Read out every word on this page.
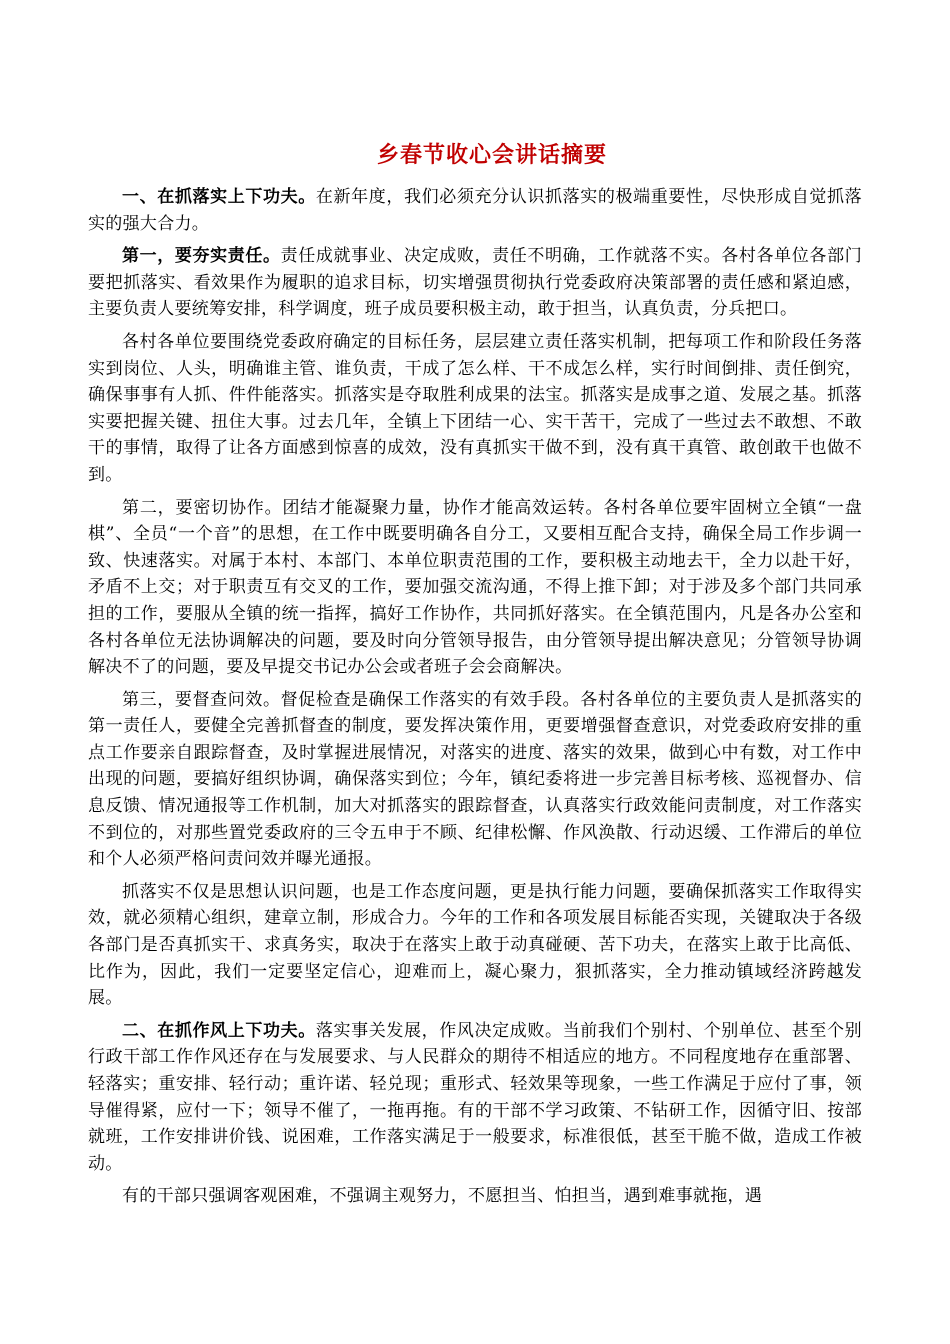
乡春节收心会讲话摘要

一、在抓落实上下功夫。在新年度，我们必须充分认识抓落实的极端重要性，尽快形成自觉抓落实的强大合力。

第一，要夯实责任。责任成就事业、决定成败，责任不明确，工作就落不实。各村各单位各部门要把抓落实、看效果作为履职的追求目标，切实增强贯彻执行党委政府决策部署的责任感和紧迫感，主要负责人要统筹安排，科学调度，班子成员要积极主动，敢于担当，认真负责，分兵把口。

各村各单位要围绕党委政府确定的目标任务，层层建立责任落实机制，把每项工作和阶段任务落实到岗位、人头，明确谁主管、谁负责，干成了怎么样、干不成怎么样，实行时间倒排、责任倒究，确保事事有人抓、件件能落实。抓落实是夺取胜利成果的法宝。抓落实是成事之道、发展之基。抓落实要把握关键、扭住大事。过去几年，全镇上下团结一心、实干苦干，完成了一些过去不敢想、不敢干的事情，取得了让各方面感到惊喜的成效，没有真抓实干做不到，没有真干真管、敢创敢干也做不到。

第二，要密切协作。团结才能凝聚力量，协作才能高效运转。各村各单位要牢固树立全镇“一盘棋”、全员“一个音”的思想，在工作中既要明确各自分工，又要相互配合支持，确保全局工作步调一致、快速落实。对属于本村、本部门、本单位职责范围的工作，要积极主动地去干，全力以赴干好，矛盾不上交；对于职责互有交叉的工作，要加强交流沟通，不得上推下卸；对于涉及多个部门共同承担的工作，要服从全镇的统一指挥，搞好工作协作，共同抓好落实。在全镇范围内，凡是各办公室和各村各单位无法协调解决的问题，要及时向分管领导报告，由分管领导提出解决意见；分管领导协调解决不了的问题，要及早提交书记办公会或者班子会会商解决。

第三，要督查问效。督促检查是确保工作落实的有效手段。各村各单位的主要负责人是抓落实的第一责任人，要健全完善抓督查的制度，要发挥决策作用，更要增强督查意识，对党委政府安排的重点工作要亲自跟踪督查，及时掌握进展情况，对落实的进度、落实的效果，做到心中有数，对工作中出现的问题，要搞好组织协调，确保落实到位；今年，镇纪委将进一步完善目标考核、巡视督办、信息反馈、情况通报等工作机制，加大对抓落实的跟踪督查，认真落实行政效能问责制度，对工作落实不到位的，对那些置党委政府的三令五申于不顾、纪律松懈、作风涣散、行动迟缓、工作滞后的单位和个人必须严格问责问效并曝光通报。

抓落实不仅是思想认识问题，也是工作态度问题，更是执行能力问题，要确保抓落实工作取得实效，就必须精心组织，建章立制，形成合力。今年的工作和各项发展目标能否实现，关键取决于各级各部门是否真抓实干、求真务实，取决于在落实上敢于动真碰硬、苦下功夫，在落实上敢于比高低、比作为，因此，我们一定要坚定信心，迎难而上，凝心聚力，狠抓落实，全力推动镇域经济跨越发展。

二、在抓作风上下功夫。落实事关发展，作风决定成败。当前我们个别村、个别单位、甚至个别行政干部工作作风还存在与发展要求、与人民群众的期待不相适应的地方。不同程度地存在重部署、轻落实；重安排、轻行动；重许诺、轻兑现；重形式、轻效果等现象，一些工作满足于应付了事，领导催得紧，应付一下；领导不催了，一拖再拖。有的干部不学习政策、不钻研工作，因循守旧、按部就班，工作安排讲价钱、说困难，工作落实满足于一般要求，标准很低，甚至干脆不做，造成工作被动。

有的干部只强调客观困难，不强调主观努力，不愿担当、怕担当，遇到难事就拖，遇
